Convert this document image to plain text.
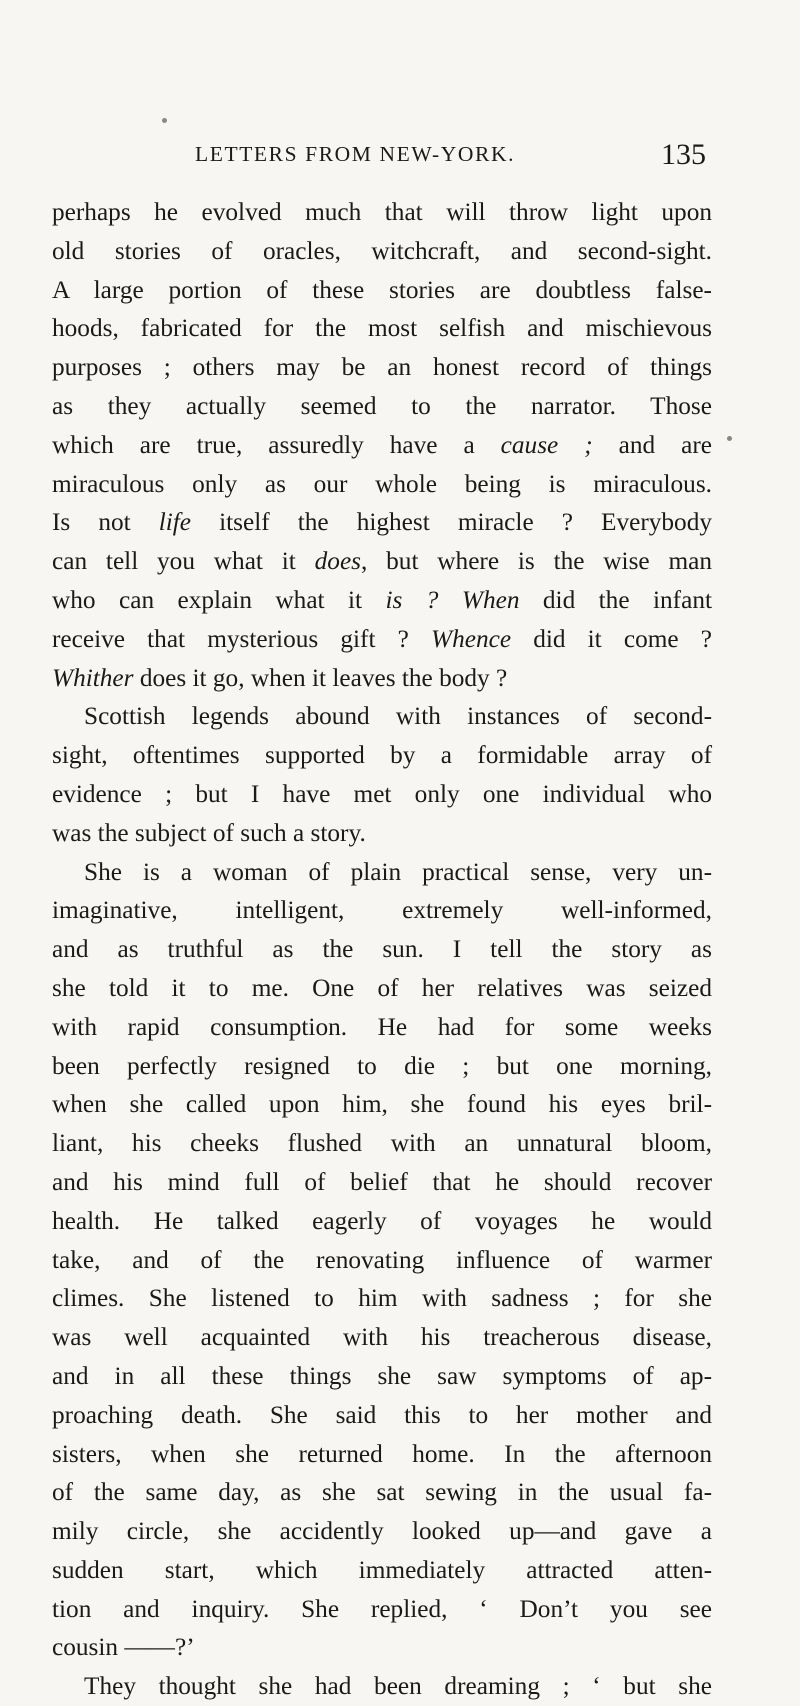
LETTERS FROM NEW-YORK.	135
perhaps he evolved much that will throw light upon
old stories of oracles, witchcraft, and second-sight.
A large portion of these stories are doubtless false-
hoods, fabricated for the most selfish and mischievous
purposes ; others may be an honest record of things
as they actually seemed to the narrator. Those
which are true, assuredly have a cause ; and are
miraculous only as our whole being is miraculous.
Is not life itself the highest miracle ? Everybody
can tell you what it does, but where is the wise man
who can explain what it is ? When did the infant
receive that mysterious gift ? Whence did it come ?
Whither does it go, when it leaves the body ?
Scottish legends abound with instances of second-
sight, oftentimes supported by a formidable array of
evidence ; but I have met only one individual who
was the subject of such a story.
She is a woman of plain practical sense, very un-
imaginative, intelligent, extremely well-informed,
and as truthful as the sun. I tell the story as
she told it to me. One of her relatives was seized
with rapid consumption. He had for some weeks
been perfectly resigned to die ; but one morning,
when she called upon him, she found his eyes bril-
liant, his cheeks flushed with an unnatural bloom,
and his mind full of belief that he should recover
health. He talked eagerly of voyages he would
take, and of the renovating influence of warmer
climes. She listened to him with sadness ; for she
was well acquainted with his treacherous disease,
and in all these things she saw symptoms of ap-
proaching death. She said this to her mother and
sisters, when she returned home. In the afternoon
of the same day, as she sat sewing in the usual fa-
mily circle, she accidently looked up—and gave a
sudden start, which immediately attracted atten-
tion and inquiry. She replied, ‘ Don’t you see
cousin ——?’
They thought she had been dreaming ; ‘ but she
